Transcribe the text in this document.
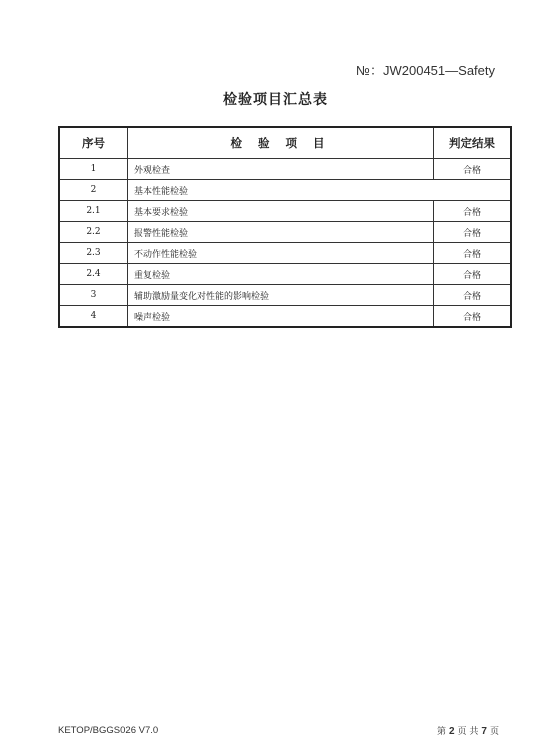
№：JW200451—Safety
检验项目汇总表
序号	检 验 项 目	判定结果
1	外观检查	合格
2	基本性能检验	
2.1	基本要求检验	合格
2.2	报警性能检验	合格
2.3	不动作性能检验	合格
2.4	重复检验	合格
3	辅助激励量变化对性能的影响检验	合格
4	噪声检验	合格
KETOP/BGGS026 V7.0	第 2 页 共 7 页
